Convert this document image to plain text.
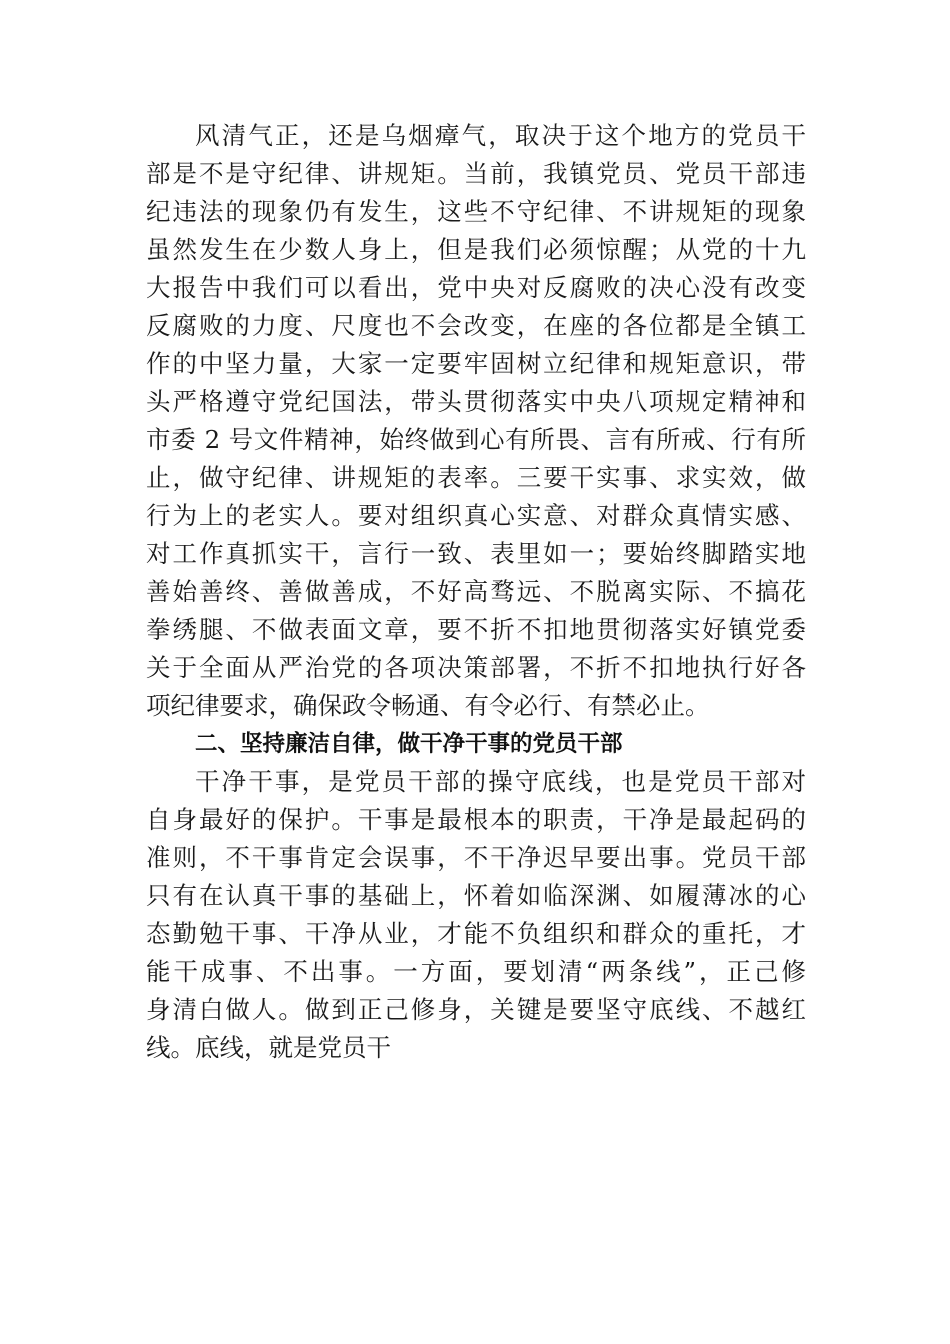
风清气正，还是乌烟瘴气，取决于这个地方的党员干

部是不是守纪律、讲规矩。当前，我镇党员、党员干部违

纪违法的现象仍有发生，这些不守纪律、不讲规矩的现象

虽然发生在少数人身上，但是我们必须惊醒；从党的十九

大报告中我们可以看出，党中央对反腐败的决心没有改变

反腐败的力度、尺度也不会改变，在座的各位都是全镇工

作的中坚力量，大家一定要牢固树立纪律和规矩意识，带

头严格遵守党纪国法，带头贯彻落实中央八项规定精神和

市委 2 号文件精神，始终做到心有所畏、言有所戒、行有所

止，做守纪律、讲规矩的表率。三要干实事、求实效，做

行为上的老实人。要对组织真心实意、对群众真情实感、

对工作真抓实干，言行一致、表里如一；要始终脚踏实地

善始善终、善做善成，不好高骛远、不脱离实际、不搞花

拳绣腿、不做表面文章，要不折不扣地贯彻落实好镇党委

关于全面从严治党的各项决策部署，不折不扣地执行好各

项纪律要求，确保政令畅通、有令必行、有禁必止。

二、坚持廉洁自律，做干净干事的党员干部

干净干事，是党员干部的操守底线，也是党员干部对

自身最好的保护。干事是最根本的职责，干净是最起码的

准则，不干事肯定会误事，不干净迟早要出事。党员干部

只有在认真干事的基础上，怀着如临深渊、如履薄冰的心

态勤勉干事、干净从业，才能不负组织和群众的重托，才

能干成事、不出事。一方面，要划清“两条线”，正己修

身清白做人。做到正己修身，关键是要坚守底线、不越红

线。底线，就是党员干
